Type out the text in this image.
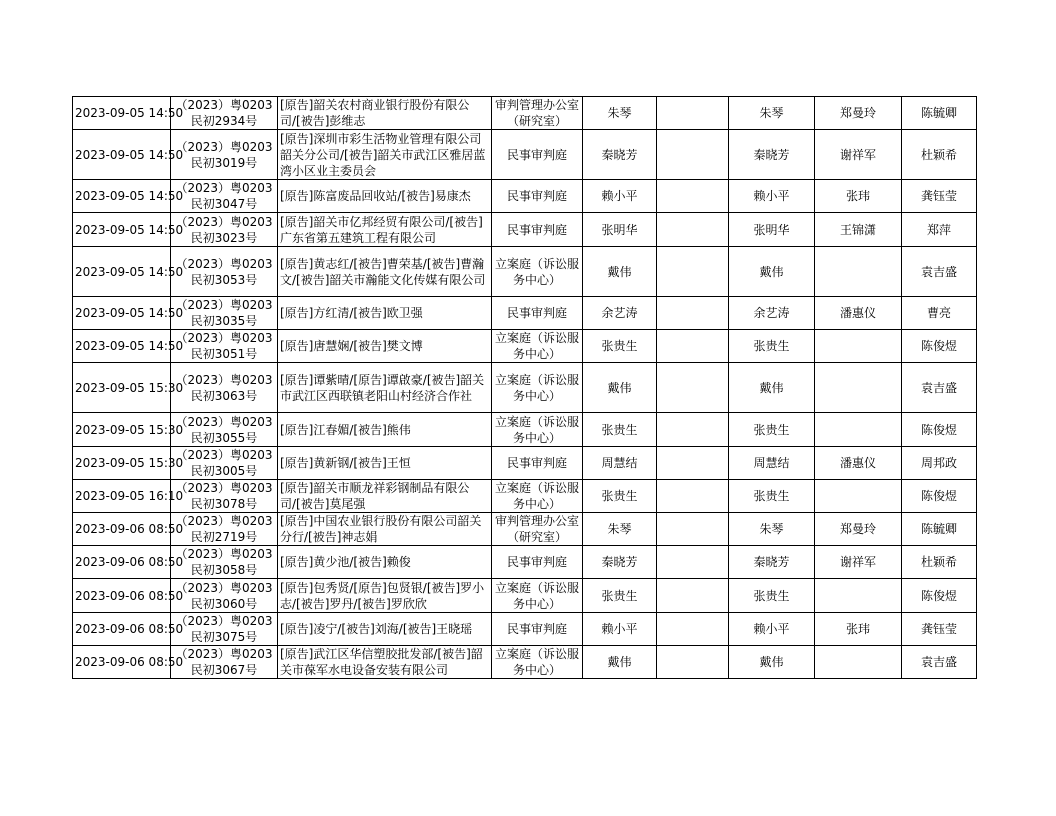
2023-09-05 14:50	（2023）粤0203民初2934号	[原告]韶关农村商业银行股份有限公司/[被告]彭维志	审判管理办公室（研究室）	朱琴		朱琴	郑曼玲	陈毓卿
2023-09-05 14:50	（2023）粤0203民初3019号	[原告]深圳市彩生活物业管理有限公司韶关分公司/[被告]韶关市武江区雅居蓝湾小区业主委员会	民事审判庭	秦晓芳		秦晓芳	谢祥军	杜颖希
2023-09-05 14:50	（2023）粤0203民初3047号	[原告]陈富废品回收站/[被告]易康杰	民事审判庭	赖小平		赖小平	张玮	龚钰莹
2023-09-05 14:50	（2023）粤0203民初3023号	[原告]韶关市亿邦经贸有限公司/[被告]广东省第五建筑工程有限公司	民事审判庭	张明华		张明华	王锦潇	郑萍
2023-09-05 14:50	（2023）粤0203民初3053号	[原告]黄志红/[被告]曹荣基/[被告]曹瀚文/[被告]韶关市瀚能文化传媒有限公司	立案庭（诉讼服务中心）	戴伟		戴伟		袁吉盛
2023-09-05 14:50	（2023）粤0203民初3035号	[原告]方红清/[被告]欧卫强	民事审判庭	余艺涛		余艺涛	潘惠仪	曹亮
2023-09-05 14:50	（2023）粤0203民初3051号	[原告]唐慧娴/[被告]樊文博	立案庭（诉讼服务中心）	张贵生		张贵生		陈俊煜
2023-09-05 15:30	（2023）粤0203民初3063号	[原告]谭紫晴/[原告]谭啟豪/[被告]韶关市武江区西联镇老阳山村经济合作社	立案庭（诉讼服务中心）	戴伟		戴伟		袁吉盛
2023-09-05 15:30	（2023）粤0203民初3055号	[原告]江春媚/[被告]熊伟	立案庭（诉讼服务中心）	张贵生		张贵生		陈俊煜
2023-09-05 15:30	（2023）粤0203民初3005号	[原告]黄新钢/[被告]王恒	民事审判庭	周慧结		周慧结	潘惠仪	周邦政
2023-09-05 16:10	（2023）粤0203民初3078号	[原告]韶关市顺龙祥彩钢制品有限公司/[被告]莫尾强	立案庭（诉讼服务中心）	张贵生		张贵生		陈俊煜
2023-09-06 08:50	（2023）粤0203民初2719号	[原告]中国农业银行股份有限公司韶关分行/[被告]神志娟	审判管理办公室（研究室）	朱琴		朱琴	郑曼玲	陈毓卿
2023-09-06 08:50	（2023）粤0203民初3058号	[原告]黄少池/[被告]赖俊	民事审判庭	秦晓芳		秦晓芳	谢祥军	杜颖希
2023-09-06 08:50	（2023）粤0203民初3060号	[原告]包秀贤/[原告]包贤银/[被告]罗小志/[被告]罗丹/[被告]罗欣欣	立案庭（诉讼服务中心）	张贵生		张贵生		陈俊煜
2023-09-06 08:50	（2023）粤0203民初3075号	[原告]凌宁/[被告]刘海/[被告]王晓瑶	民事审判庭	赖小平		赖小平	张玮	龚钰莹
2023-09-06 08:50	（2023）粤0203民初3067号	[原告]武江区华信塑胶批发部/[被告]韶关市葆军水电设备安装有限公司	立案庭（诉讼服务中心）	戴伟		戴伟		袁吉盛
